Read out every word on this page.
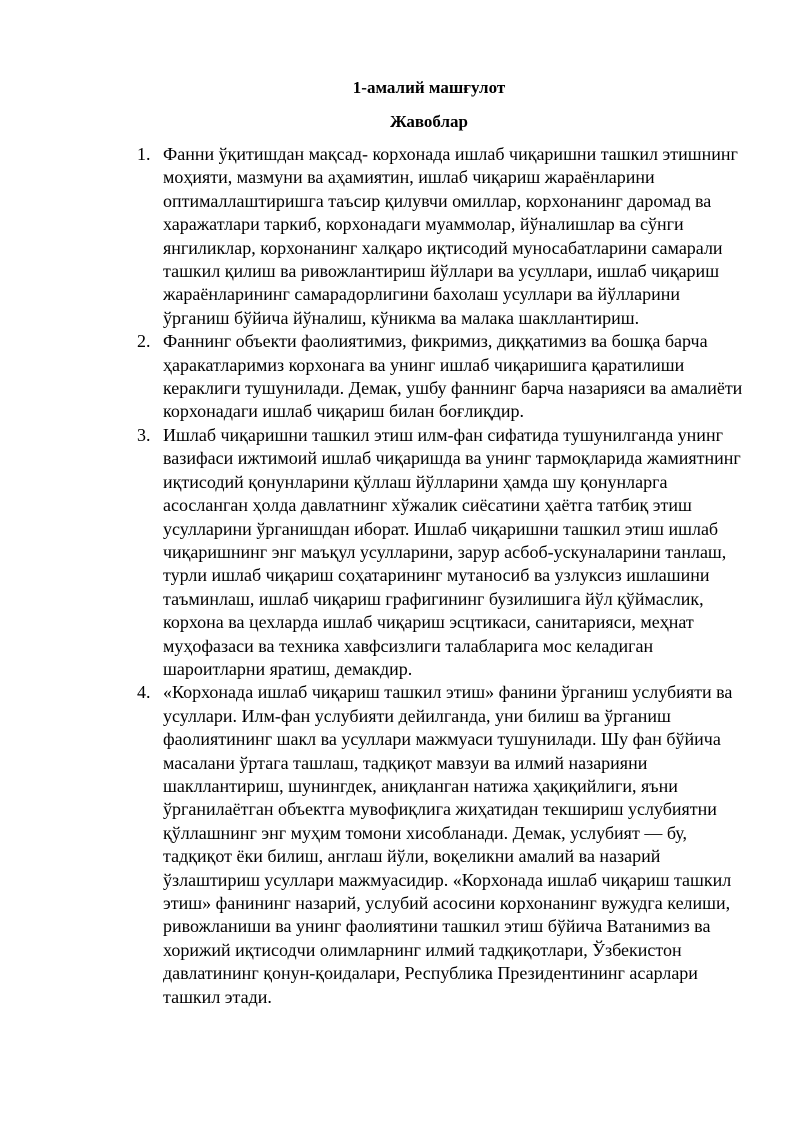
1-амалий машғулот
Жавоблар
1. Фанни ўқитишдан мақсад- корхонада ишлаб чиқаришни ташкил этишнинг моҳияти, мазмуни ва аҳамиятин, ишлаб чиқариш жараёнларини оптималлаштиришга таъсир қилувчи омиллар, корхонанинг даромад ва харажатлари таркиб, корхонадаги муаммолар, йўналишлар ва сўнги янгиликлар, корхонанинг халқаро иқтисодий муносабатларини самарали ташкил қилиш ва ривожлантириш йўллари ва усуллари, ишлаб чиқариш жараёнларининг самарадорлигини бахолаш усуллари ва йўлларини ўрганиш бўйича йўналиш, кўникма ва малака шакллантириш.
2. Фаннинг объекти фаолиятимиз, фикримиз, диққатимиз ва бошқа барча ҳаракатларимиз корхонага ва унинг ишлаб чиқаришига қаратилиши кераклиги тушунилади. Демак, ушбу фаннинг барча назарияси ва амалиёти корхонадаги ишлаб чиқариш билан боғлиқдир.
3. Ишлаб чиқаришни ташкил этиш илм-фан сифатида тушунилганда унинг вазифаси ижтимоий ишлаб чиқаришда ва унинг тармоқларида жамиятнинг иқтисодий қонунларини қўллаш йўлларини ҳамда шу қонунларга асосланган ҳолда давлатнинг хўжалик сиёсатини ҳаётга татбиқ этиш усулларини ўрганишдан иборат. Ишлаб чиқаришни ташкил этиш ишлаб чиқаришнинг энг маъқул усулларини, зарур асбоб-ускуналарини танлаш, турли ишлаб чиқариш соҳатарининг мутаносиб ва узлуксиз ишлашини таъминлаш, ишлаб чиқариш графигининг бузилишига йўл қўймаслик, корхона ва цехларда ишлаб чиқариш эсцтикаси, санитарияси, меҳнат муҳофазаси ва техника хавфсизлиги талабларига мос келадиган шароитларни яратиш, демакдир.
4. «Корхонада ишлаб чиқариш ташкил этиш» фанини ўрганиш услубияти ва усуллари. Илм-фан услубияти дейилганда, уни билиш ва ўрганиш фаолиятининг шакл ва усуллари мажмуаси тушунилади. Шу фан бўйича масалани ўртага ташлаш, тадқиқот мавзуи ва илмий назарияни шакллантириш, шунингдек, аниқланган натижа ҳақиқийлиги, яъни ўрганилаётган объектга мувофиқлига жиҳатидан текшириш услубиятни қўллашнинг энг муҳим томони хисобланади. Демак, услубият — бу, тадқиқот ёки билиш, англаш йўли, воқеликни амалий ва назарий ўзлаштириш усуллари мажмуасидир. «Корхонада ишлаб чиқариш ташкил этиш» фанининг назарий, услубий асосини корхонанинг вужудга келиши, ривожланиши ва унинг фаолиятини ташкил этиш бўйича Ватанимиз ва хорижий иқтисодчи олимларнинг илмий тадқиқотлари, Ўзбекистон давлатининг қонун-қоидалари, Республика Президентининг асарлари ташкил этади.
